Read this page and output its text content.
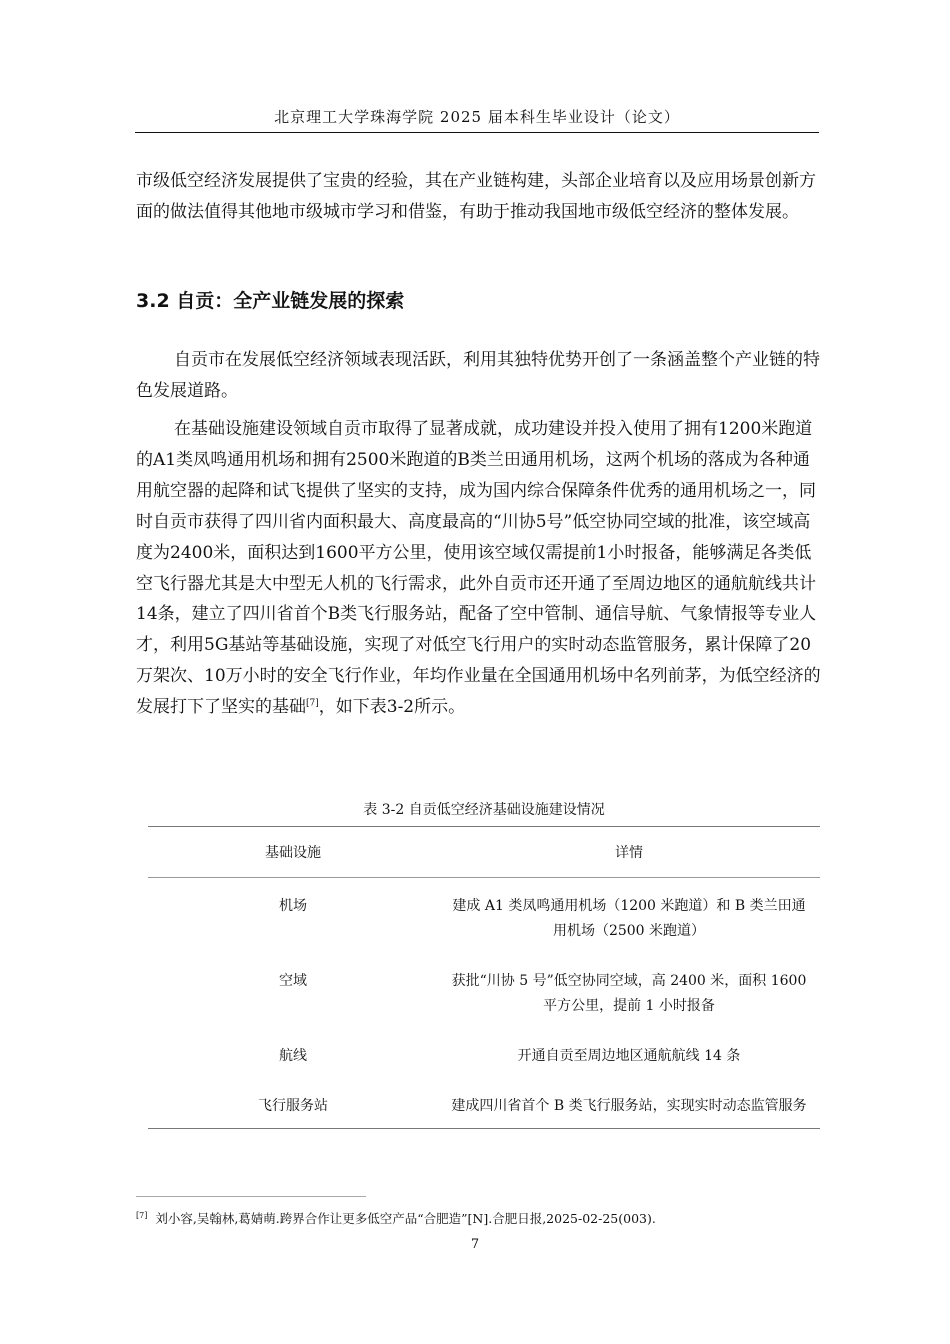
北京理工大学珠海学院 2025 届本科生毕业设计（论文）

市级低空经济发展提供了宝贵的经验，其在产业链构建，头部企业培育以及应用场景创新方面的做法值得其他地市级城市学习和借鉴，有助于推动我国地市级低空经济的整体发展。

3.2 自贡：全产业链发展的探索

自贡市在发展低空经济领域表现活跃，利用其独特优势开创了一条涵盖整个产业链的特色发展道路。

在基础设施建设领域自贡市取得了显著成就，成功建设并投入使用了拥有1200米跑道的A1类凤鸣通用机场和拥有2500米跑道的B类兰田通用机场，这两个机场的落成为各种通用航空器的起降和试飞提供了坚实的支持，成为国内综合保障条件优秀的通用机场之一，同时自贡市获得了四川省内面积最大、高度最高的“川协5号”低空协同空域的批准，该空域高度为2400米，面积达到1600平方公里，使用该空域仅需提前1小时报备，能够满足各类低空飞行器尤其是大中型无人机的飞行需求，此外自贡市还开通了至周边地区的通航航线共计14条，建立了四川省首个B类飞行服务站，配备了空中管制、通信导航、气象情报等专业人才，利用5G基站等基础设施，实现了对低空飞行用户的实时动态监管服务，累计保障了20万架次、10万小时的安全飞行作业，年均作业量在全国通用机场中名列前茅，为低空经济的发展打下了坚实的基础[7]，如下表3-2所示。

表 3-2 自贡低空经济基础设施建设情况
基础设施	详情
机场	建成 A1 类凤鸣通用机场（1200 米跑道）和 B 类兰田通用机场（2500 米跑道）

空域	获批“川协 5 号”低空协同空域，高 2400 米，面积 1600 平方公里，提前 1 小时报备

航线	开通自贡至周边地区通航航线 14 条

飞行服务站	建成四川省首个 B 类飞行服务站，实现实时动态监管服务
[7] 刘小容,吴翰林,葛婧萌.跨界合作让更多低空产品“合肥造”[N].合肥日报,2025-02-25(003).
7
